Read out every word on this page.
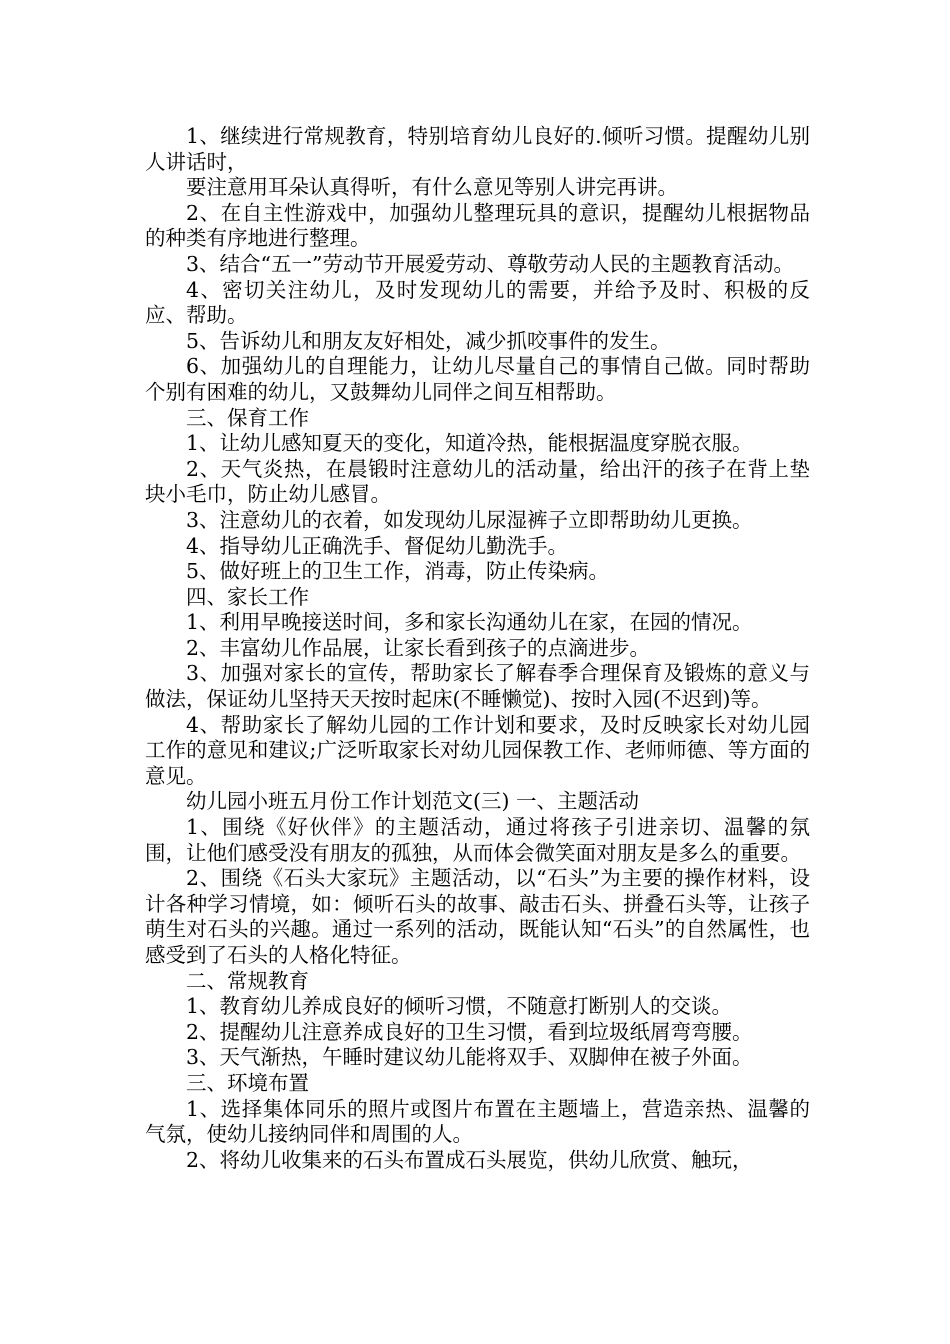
1、继续进行常规教育，特别培育幼儿良好的.倾听习惯。提醒幼儿别人讲话时，

要注意用耳朵认真得听，有什么意见等别人讲完再讲。

2、在自主性游戏中，加强幼儿整理玩具的意识，提醒幼儿根据物品的种类有序地进行整理。

3、结合“五一”劳动节开展爱劳动、尊敬劳动人民的主题教育活动。

4、密切关注幼儿，及时发现幼儿的需要，并给予及时、积极的反应、帮助。

5、告诉幼儿和朋友友好相处，减少抓咬事件的发生。

6、加强幼儿的自理能力，让幼儿尽量自己的事情自己做。同时帮助个别有困难的幼儿，又鼓舞幼儿同伴之间互相帮助。

三、保育工作

1、让幼儿感知夏天的变化，知道冷热，能根据温度穿脱衣服。

2、天气炎热，在晨锻时注意幼儿的活动量，给出汗的孩子在背上垫块小毛巾，防止幼儿感冒。

3、注意幼儿的衣着，如发现幼儿尿湿裤子立即帮助幼儿更换。

4、指导幼儿正确洗手、督促幼儿勤洗手。

5、做好班上的卫生工作，消毒，防止传染病。

四、家长工作

1、利用早晚接送时间，多和家长沟通幼儿在家，在园的情况。

2、丰富幼儿作品展，让家长看到孩子的点滴进步。

3、加强对家长的宣传，帮助家长了解春季合理保育及锻炼的意义与做法，保证幼儿坚持天天按时起床(不睡懒觉)、按时入园(不迟到)等。

4、帮助家长了解幼儿园的工作计划和要求，及时反映家长对幼儿园工作的意见和建议;广泛听取家长对幼儿园保教工作、老师师德、等方面的意见。

幼儿园小班五月份工作计划范文(三) 一、主题活动

1、围绕《好伙伴》的主题活动，通过将孩子引进亲切、温馨的氛围，让他们感受没有朋友的孤独，从而体会微笑面对朋友是多么的重要。

2、围绕《石头大家玩》主题活动，以“石头”为主要的操作材料，设计各种学习情境，如：倾听石头的故事、敲击石头、拼叠石头等，让孩子萌生对石头的兴趣。通过一系列的活动，既能认知“石头”的自然属性，也感受到了石头的人格化特征。

二、常规教育

1、教育幼儿养成良好的倾听习惯，不随意打断别人的交谈。

2、提醒幼儿注意养成良好的卫生习惯，看到垃圾纸屑弯弯腰。

3、天气渐热，午睡时建议幼儿能将双手、双脚伸在被子外面。

三、环境布置

1、选择集体同乐的照片或图片布置在主题墙上，营造亲热、温馨的气氛，使幼儿接纳同伴和周围的人。

2、将幼儿收集来的石头布置成石头展览，供幼儿欣赏、触玩，
